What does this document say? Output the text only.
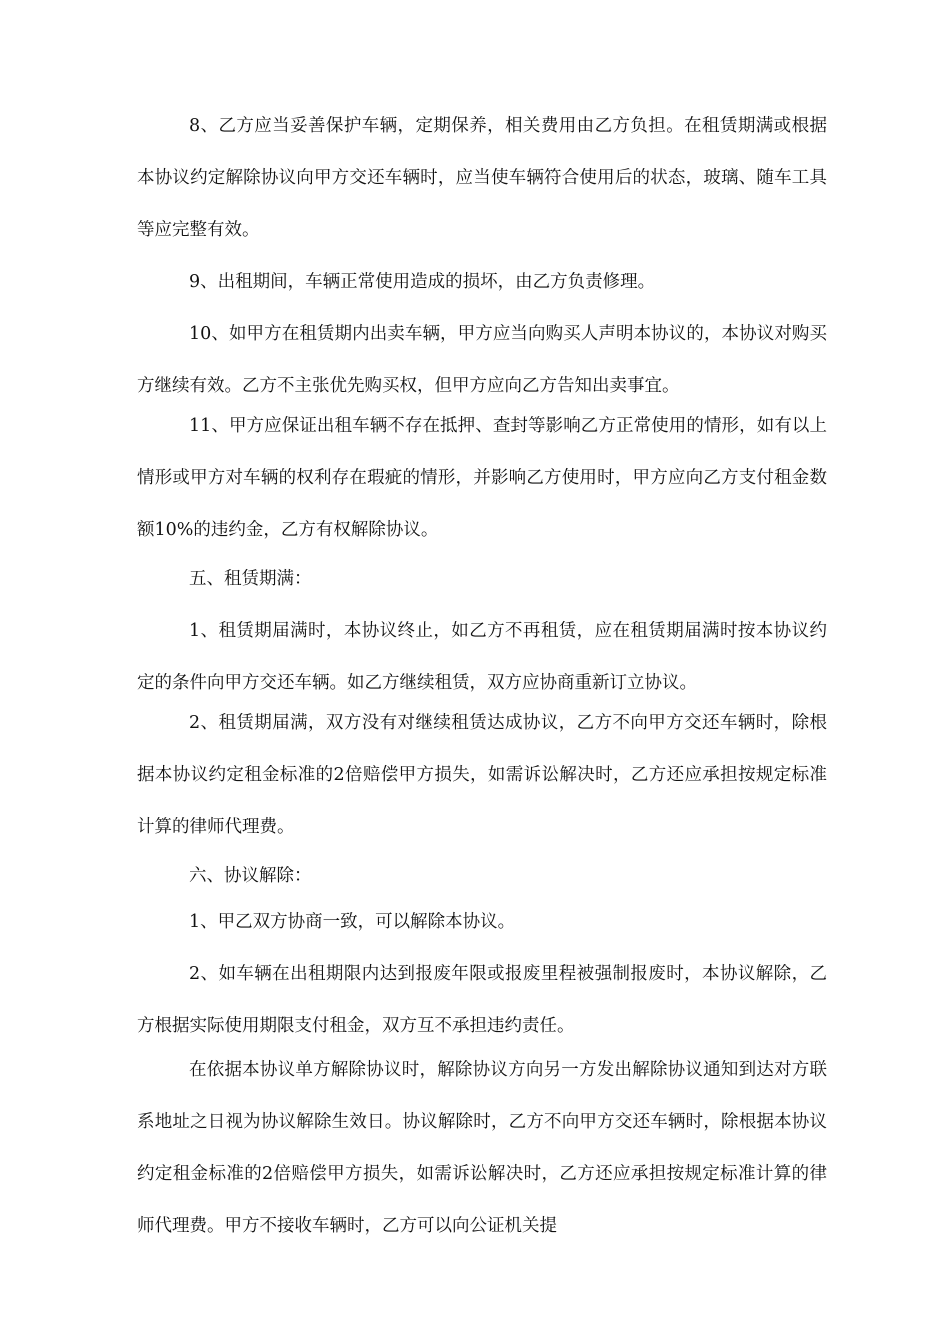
8、乙方应当妥善保护车辆，定期保养，相关费用由乙方负担。在租赁期满或根据本协议约定解除协议向甲方交还车辆时，应当使车辆符合使用后的状态，玻璃、随车工具等应完整有效。

9、出租期间，车辆正常使用造成的损坏，由乙方负责修理。

10、如甲方在租赁期内出卖车辆，甲方应当向购买人声明本协议的，本协议对购买方继续有效。乙方不主张优先购买权，但甲方应向乙方告知出卖事宜。

11、甲方应保证出租车辆不存在抵押、查封等影响乙方正常使用的情形，如有以上情形或甲方对车辆的权利存在瑕疵的情形，并影响乙方使用时，甲方应向乙方支付租金数额10%的违约金，乙方有权解除协议。

五、租赁期满：

1、租赁期届满时，本协议终止，如乙方不再租赁，应在租赁期届满时按本协议约定的条件向甲方交还车辆。如乙方继续租赁，双方应协商重新订立协议。

2、租赁期届满，双方没有对继续租赁达成协议，乙方不向甲方交还车辆时，除根据本协议约定租金标准的2倍赔偿甲方损失，如需诉讼解决时，乙方还应承担按规定标准计算的律师代理费。

六、协议解除：

1、甲乙双方协商一致，可以解除本协议。

2、如车辆在出租期限内达到报废年限或报废里程被强制报废时，本协议解除，乙方根据实际使用期限支付租金，双方互不承担违约责任。

在依据本协议单方解除协议时，解除协议方向另一方发出解除协议通知到达对方联系地址之日视为协议解除生效日。协议解除时，乙方不向甲方交还车辆时，除根据本协议约定租金标准的2倍赔偿甲方损失，如需诉讼解决时，乙方还应承担按规定标准计算的律师代理费。甲方不接收车辆时，乙方可以向公证机关提
